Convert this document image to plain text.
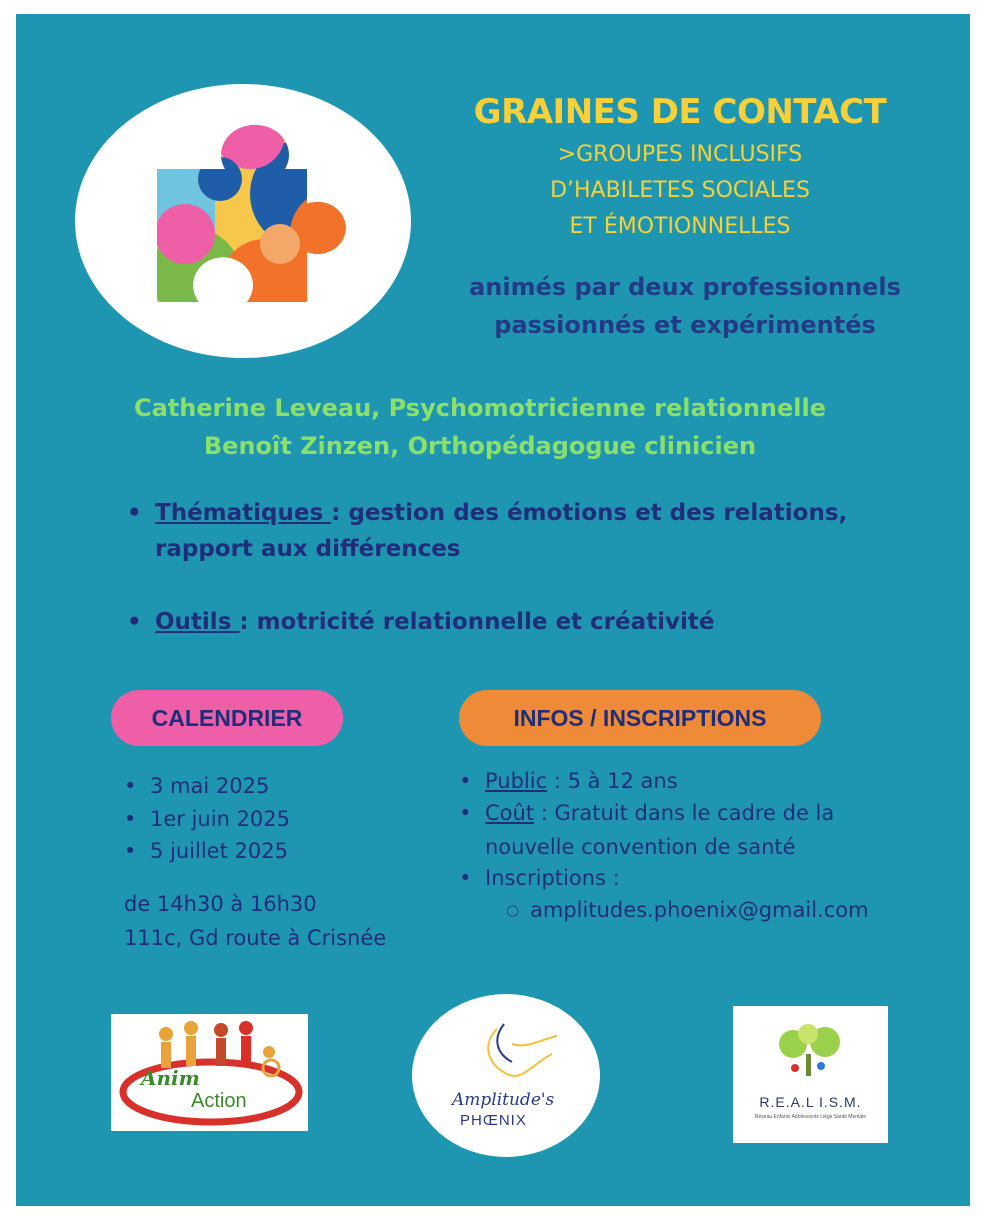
GRAINES DE CONTACT
>GROUPES INCLUSIFS
D’HABILETES SOCIALES
ET ÉMOTIONNELLES
animés par deux professionnels
passionnés et expérimentés
Catherine Leveau, Psychomotricienne relationnelle
Benoît Zinzen, Orthopédagogue clinicien
• Thématiques : gestion des émotions et des relations,
rapport aux différences
• Outils : motricité relationnelle et créativité
CALENDRIER	INFOS / INSCRIPTIONS
• 3 mai 2025
• 1er juin 2025
• 5 juillet 2025
de 14h30 à 16h30
111c, Gd route à Crisnée
• Public : 5 à 12 ans
• Coût : Gratuit dans le cadre de la
nouvelle convention de santé
• Inscriptions :
○ amplitudes.phoenix@gmail.com
Anim
Action	Amplitude's
PHŒNIX
R.E.A.L I.S.M.
Réseau Enfants Adolescents Liège Santé Mentale
